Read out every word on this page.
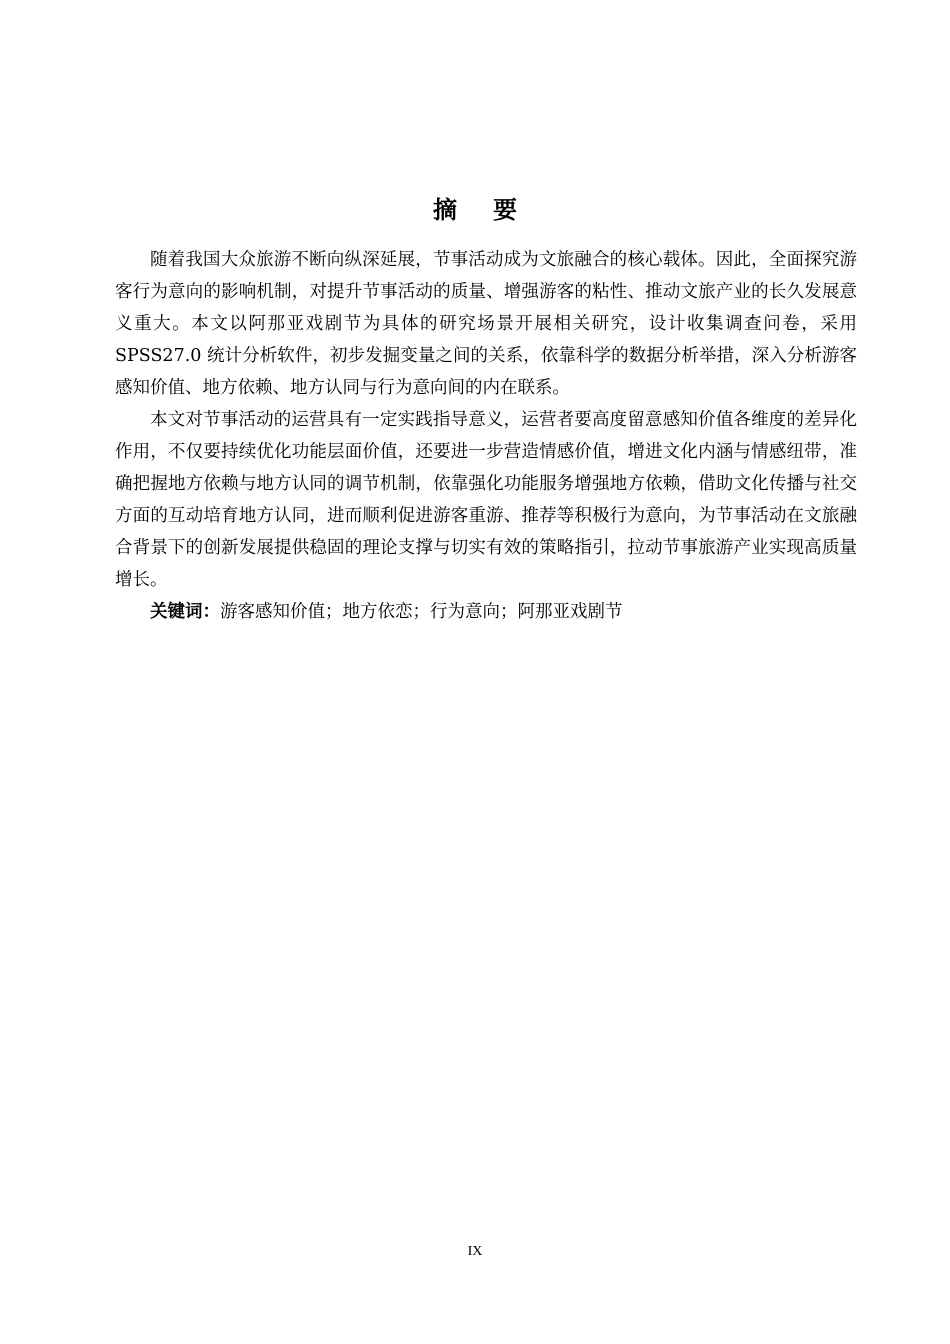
摘 要

随着我国大众旅游不断向纵深延展，节事活动成为文旅融合的核心载体。因此，全面探究游客行为意向的影响机制，对提升节事活动的质量、增强游客的粘性、推动文旅产业的长久发展意义重大。本文以阿那亚戏剧节为具体的研究场景开展相关研究，设计收集调查问卷，采用 SPSS27.0 统计分析软件，初步发掘变量之间的关系，依靠科学的数据分析举措，深入分析游客感知价值、地方依赖、地方认同与行为意向间的内在联系。

本文对节事活动的运营具有一定实践指导意义，运营者要高度留意感知价值各维度的差异化作用，不仅要持续优化功能层面价值，还要进一步营造情感价值，增进文化内涵与情感纽带，准确把握地方依赖与地方认同的调节机制，依靠强化功能服务增强地方依赖，借助文化传播与社交方面的互动培育地方认同，进而顺利促进游客重游、推荐等积极行为意向，为节事活动在文旅融合背景下的创新发展提供稳固的理论支撑与切实有效的策略指引，拉动节事旅游产业实现高质量增长。

关键词：游客感知价值；地方依恋；行为意向；阿那亚戏剧节

IX
